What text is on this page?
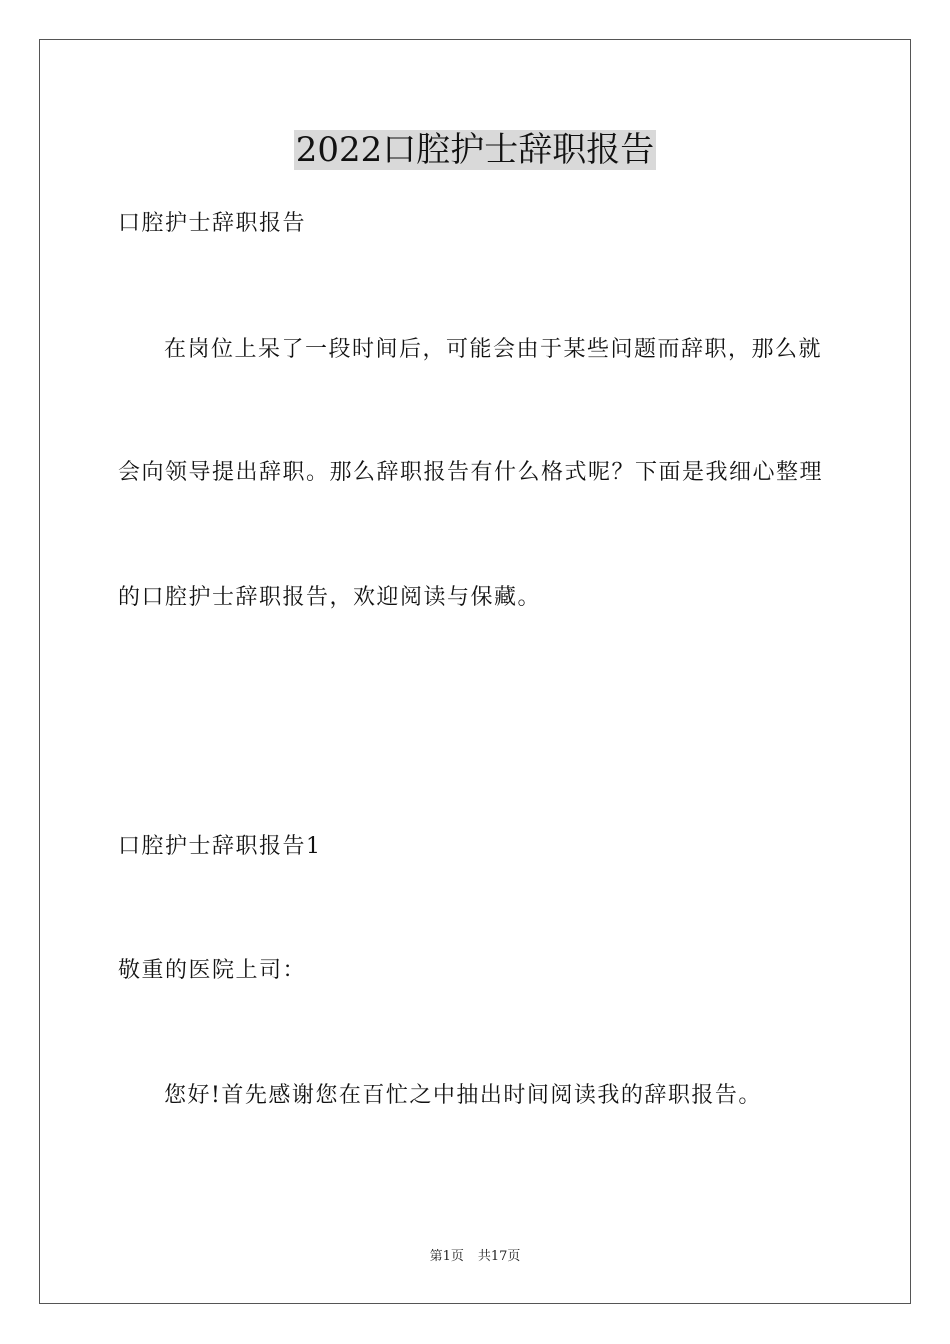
2022口腔护士辞职报告
口腔护士辞职报告
在岗位上呆了一段时间后，可能会由于某些问题而辞职，那么就
会向领导提出辞职。那么辞职报告有什么格式呢？下面是我细心整理
的口腔护士辞职报告，欢迎阅读与保藏。
口腔护士辞职报告1
敬重的医院上司：
您好!首先感谢您在百忙之中抽出时间阅读我的辞职报告。
第1页 共17页
